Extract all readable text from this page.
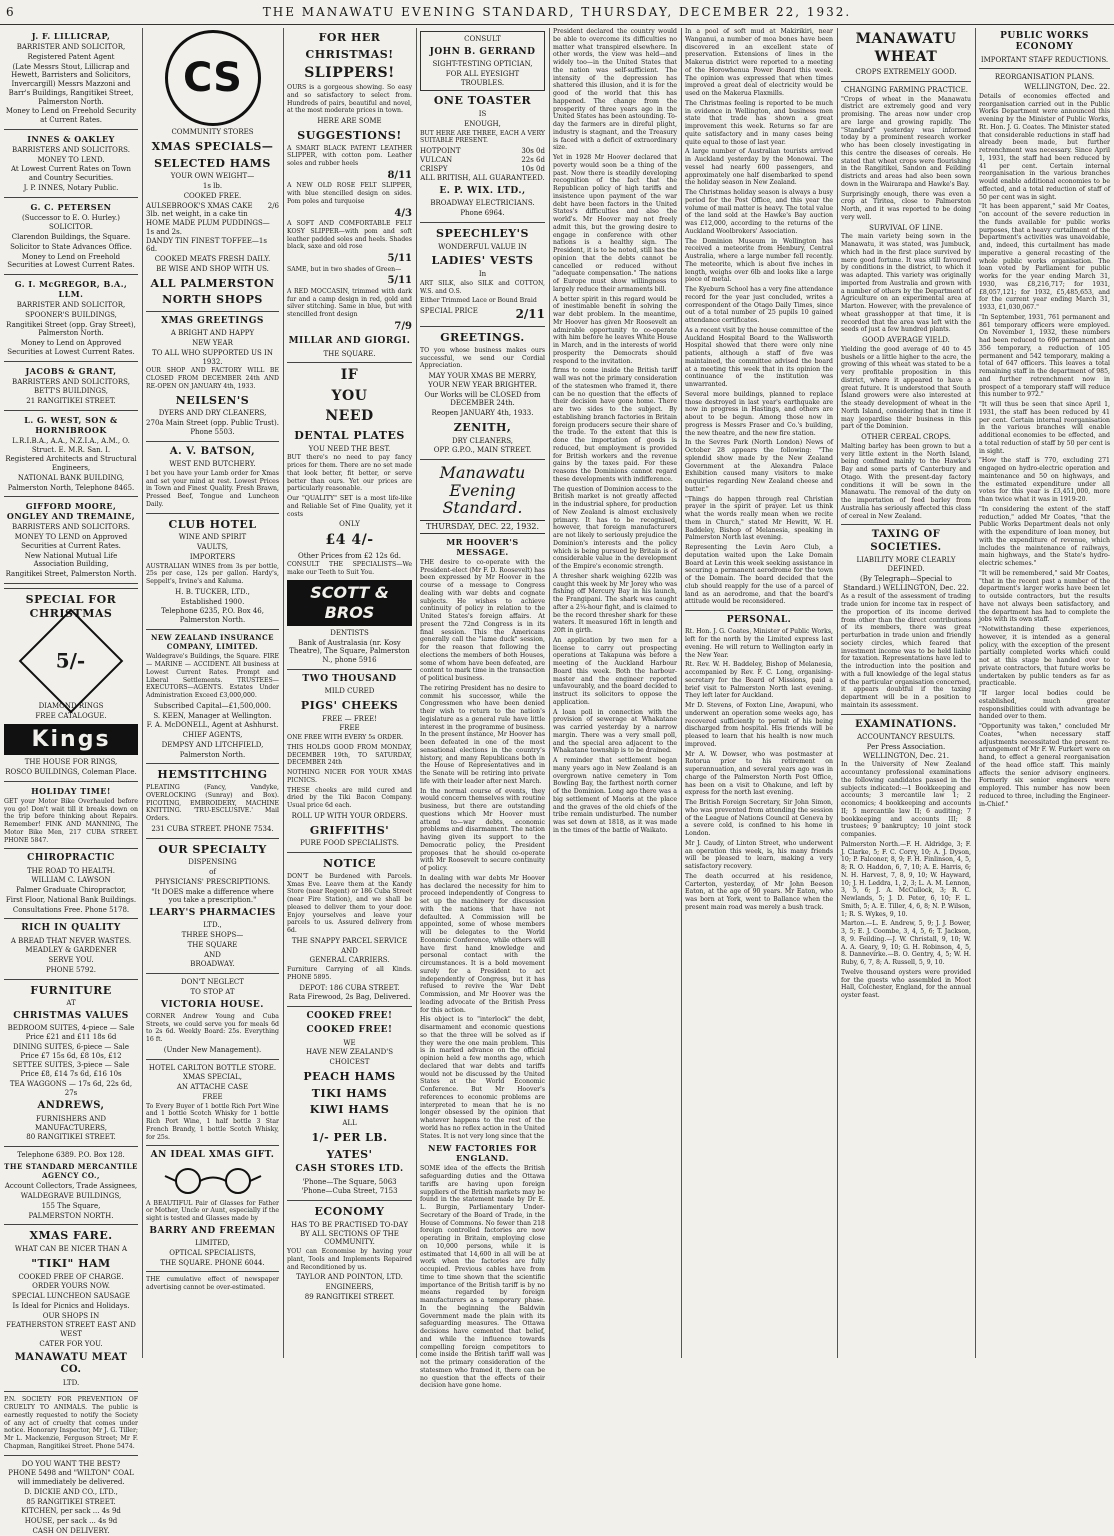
6	THE MANAWATU EVENING STANDARD, THURSDAY, DECEMBER 22, 1932.
J. F. LILLICRAP,
BARRISTER AND SOLICITOR,
Registered Patent Agent
(Late Messrs Stout, Lillicrap and Hewett, Barristers and Solicitors, Invercargill) Messrs Mazzoni and Barr's Buildings, Rangitikei Street, Palmerston North.
Money to Lend on Freehold Security at Current Rates.
INNES & OAKLEY
BARRISTERS AND SOLICITORS.
MONEY TO LEND.
At Lowest Current Rates on Town and Country Securities.
J. P. INNES, Notary Public.
G. C. PETERSEN
(Successor to E. O. Hurley.)
SOLICITOR.
Clarendon Buildings, the Square.
Solicitor to State Advances Office.
Money to Lend on Freehold Securities at Lowest Current Rates.
G. I. McGREGOR, B.A., LLM.
BARRISTER AND SOLICITOR,
SPOONER'S BUILDINGS,
Rangitikei Street (opp. Gray Street), Palmerston North.
Money to Lend on Approved Securities at Lowest Current Rates.
JACOBS & GRANT,
BARRISTERS AND SOLICITORS,
BETT'S BUILDINGS,
21 RANGITIKEI STREET.
L. G. WEST, SON & HORNIBROOK
L.R.I.B.A., A.A., N.Z.I.A., A.M., O. Struct. E. M.R. San. I.
Registered Architects and Structural Engineers,
NATIONAL BANK BUILDING,
Palmerston North, Telephone 8465.
GIFFORD MOORE, ONGLEY AND TREMAINE,
BARRISTERS AND SOLICITORS.
MONEY TO LEND on Approved Securities at Current Rates.
New National Mutual Life Association Building,
Rangitikei Street, Palmerston North.
SPECIAL FOR CHRISTMAS
5/-
DIAMOND RINGS
FREE CATALOGUE.
Kings
THE HOUSE FOR RINGS,
ROSCO BUILDINGS, Coleman Place.
HOLIDAY TIME!

GET your Motor Bike Overhauled before you go! Don't wait till it breaks down on the trip before thinking about Repairs. Remember! FINK AND MANNING, The Motor Bike Men, 217 CUBA STREET. PHONE 5847.

CHIROPRACTIC
THE ROAD TO HEALTH.
WILLIAM C. LAWSON
Palmer Graduate Chiropractor,
First Floor, National Bank Buildings.
Consultations Free. Phone 5178.
RICH IN QUALITY
A BREAD THAT NEVER WASTES.
MEADLEY & GARDENER
SERVE YOU.
PHONE 5792.
FURNITURE
AT
CHRISTMAS VALUES
BEDROOM SUITES, 4-piece — Sale Price £21 and £11 18s 6d
DINING SUITES, 6-piece — Sale Price £7 15s 6d, £8 10s, £12
SETTEE SUITES, 3-piece — Sale Price £8, £14 7s 6d, £16 10s
TEA WAGGONS — 17s 6d, 22s 6d, 27s
ANDREWS,
FURNISHERS AND MANUFACTURERS,
80 RANGITIKEI STREET.
Telephone 6389. P.O. Box 128.
THE STANDARD MERCANTILE AGENCY CO.,
Account Collectors, Trade Assignees,
WALDEGRAVE BUILDINGS,
155 The Square,
PALMERSTON NORTH.
XMAS FARE.
WHAT CAN BE NICER THAN A
"TIKI" HAM
COOKED FREE OF CHARGE.
ORDER YOURS NOW.
SPECIAL LUNCHEON SAUSAGE
Is Ideal for Picnics and Holidays.
OUR SHOPS IN
FEATHERSTON STREET EAST AND WEST
CATER FOR YOU.
MANAWATU MEAT CO.
LTD.

P.N. SOCIETY FOR PREVENTION OF CRUELTY TO ANIMALS. The public is earnestly requested to notify the Society of any act of cruelty that comes under notice. Honorary Inspector, Mr J. G. Tiller; Mr L. Mackenzie, Ferguson Street; Mr F. Chapman, Rangitikei Street. Phone 5474.

DO YOU WANT THE BEST?
PHONE 5498 and "WILTON" COAL will immediately be delivered.
D. DICKIE AND CO., LTD.,
85 RANGITIKEI STREET.
KITCHEN, per sack ... 4s 9d
HOUSE, per sack ... 4s 9d
CASH ON DELIVERY.
CS
COMMUNITY STORES
XMAS SPECIALS—
SELECTED HAMS
YOUR OWN WEIGHT—
1s lb.
COOKED FREE.
AULSEBROOK'S XMAS CAKE 2/6
3lb. net weight, in a cake tin
HOME MADE PLUM PUDDINGS—
1s and 2s.
DANDY TIN FINEST TOFFEE—1s 6d.
COOKED MEATS FRESH DAILY.
BE WISE AND SHOP WITH US.
ALL PALMERSTON
NORTH SHOPS
XMAS GREETINGS
A BRIGHT AND HAPPY
NEW YEAR
TO ALL WHO SUPPORTED US IN 1932.

OUR SHOP AND FACTORY WILL BE CLOSED FROM DECEMBER 24th AND RE-OPEN ON JANUARY 4th, 1933.

NEILSEN'S
DYERS AND DRY CLEANERS,
270a Main Street (opp. Public Trust). Phone 5503.
A. V. BATSON,
WEST END BUTCHERY.

I bet you have your Lamb order for Xmas and set your mind at rest. Lowest Prices in Town and Finest Quality. Fresh Brawn, Pressed Beef, Tongue and Luncheon Daily.

CLUB HOTEL
WINE AND SPIRIT
VAULTS,
IMPORTERS

AUSTRALIAN WINES from 3s per bottle, 25s per case, 12s per gallon. Hardy's, Seppelt's, Irvine's and Kaluma.

H. B. TUCKER, LTD.,
Established 1900.
Telephone 6235, P.O. Box 46, Palmerston North.
NEW ZEALAND INSURANCE COMPANY, LIMITED.

Waldegrave's Buildings, the Square. FIRE — MARINE — ACCIDENT. All business at Lowest Current Rates. Prompt and Liberal Settlements. TRUSTEES—EXECUTORS—AGENTS. Estates Under Administration Exceed £3,000,000.

Subscribed Capital—£1,500,000.
S. KEEN, Manager at Wellington.
F. A. McDONELL, Agent at Ashhurst.
CHIEF AGENTS,
DEMPSY AND LITCHFIELD,
Palmerston North.
HEMSTITCHING

PLEATING (Fancy, Vandyke, OVERLOCKING (Sunray) and Box). PICOTING, EMBROIDERY, MACHINE KNITTING. 'TRU-ESCLUSIVE.' Mail Orders.

231 CUBA STREET. PHONE 7534.
OUR SPECIALTY
DISPENSING
of
PHYSICIANS' PRESCRIPTIONS.
"It DOES make a difference where you take a prescription."
LEARY'S PHARMACIES
LTD.,
THREE SHOPS—
THE SQUARE
AND
BROADWAY.
DON'T NEGLECT
TO STOP AT
VICTORIA HOUSE.

CORNER Andrew Young and Cuba Streets, we could serve you for meals 6d to 2s 6d. Weekly Board: 25s. Everything 16 ft.

(Under New Management).
HOTEL CARLTON BOTTLE STORE.
XMAS SPECIAL,
AN ATTACHE CASE
FREE

To Every Buyer of 1 bottle Rich Port Wine and 1 bottle Scotch Whisky for 1 bottle Rich Port Wine, 1 half bottle 3 Star French Brandy, 1 bottle Scotch Whisky, for 25s.

AN IDEAL XMAS GIFT.

A BEAUTIFUL Pair of Glasses for Father or Mother, Uncle or Aunt, especially if the sight is tested and Glasses made by

BARRY AND FREEMAN
LIMITED,
OPTICAL SPECIALISTS,
THE SQUARE. PHONE 6044.

THE cumulative effect of newspaper advertising cannot be over-estimated.

FOR HER
CHRISTMAS!
SLIPPERS!

OURS is a gorgeous showing. So easy and so satisfactory to select from. Hundreds of pairs, beautiful and novel, at the most moderate prices in town.

HERE ARE SOME
SUGGESTIONS!

A SMART BLACK PATENT LEATHER SLIPPER, with cotton pom. Leather soles and rubber heels

8/11

A NEW OLD ROSE FELT SLIPPER, with blue stencilled design on sides. Pom poles and turquoise

4/3

A SOFT AND COMFORTABLE FELT KOSY SLIPPER—with pom and soft leather padded soles and heels. Shades black, saxe and old rose

5/11

SAME, but in two shades of Green—

5/11

A RED MOCCASIN, trimmed with dark fur and a camp design in red, gold and silver stitching. Same in blue, but with stencilled front design

7/9
MILLAR AND GIORGI.
THE SQUARE.
IF
YOU
NEED
DENTAL PLATES
YOU NEED THE BEST.

BUT there's no need to pay fancy prices for them. There are no set made that look better, fit better, or serve better than ours. Yet our prices are particularly reasonable.

Our "QUALITY" SET is a most life-like and Reliable Set of Fine Quality, yet it costs

ONLY
£4 4/-
Other Prices from £2 12s 6d.

CONSULT THE SPECIALISTS—We make our Teeth to Suit You.

SCOTT & BROS
DENTISTS
Bank of Australasia (nr. Kosy Theatre), The Square, Palmerston N., phone 5916
TWO THOUSAND
MILD CURED
PIGS' CHEEKS
FREE — FREE!
FREE

ONE FREE WITH EVERY 5s ORDER.

THIS HOLDS GOOD FROM MONDAY, DECEMBER 19th, TO SATURDAY, DECEMBER 24th

NOTHING NICER FOR YOUR XMAS PICNICS.

THESE cheeks are mild cured and dried by the Tiki Bacon Company. Usual price 6d each.

ROLL UP WITH YOUR ORDERS.
GRIFFITHS'
PURE FOOD SPECIALISTS.
NOTICE

DON'T be Burdened with Parcels. Xmas Eve. Leave them at the Kandy Store (near Regent) or 186 Cuba Street (near Fire Station), and we shall be pleased to deliver them to your door. Enjoy yourselves and leave your parcels to us. Assured delivery from 6d.

THE SNAPPY PARCEL SERVICE
AND
GENERAL CARRIERS.

Furniture Carrying of all Kinds. PHONE 5895.

DEPOT: 186 CUBA STREET.
Rata Firewood, 2s Bag, Delivered.
COOKED FREE!
COOKED FREE!
WE
HAVE NEW ZEALAND'S
CHOICEST
PEACH HAMS
TIKI HAMS
KIWI HAMS
ALL
1/- PER LB.
YATES'
CASH STORES LTD.
'Phone—The Square, 5063
'Phone—Cuba Street, 7153
ECONOMY
HAS TO BE PRACTISED TO-DAY BY ALL SECTIONS OF THE COMMUNITY.

YOU can Economise by having your plant, Tools and Implements Repaired and Reconditioned by us.

TAYLOR AND POINTON, LTD.
ENGINEERS,
89 RANGITIKEI STREET.
CONSULT
JOHN B. GERRAND
SIGHT-TESTING OPTICIAN,
FOR ALL EYESIGHT TROUBLES.
ONE TOASTER
IS
ENOUGH,

BUT HERE ARE THREE, EACH A VERY SUITABLE PRESENT.

HOTPOINT	30s 0d
VULCAN	22s 6d
CRISPY	10s 0d
ALL BRITISH, ALL GUARANTEED.
E. P. WIX. LTD.,
BROADWAY ELECTRICIANS.
Phone 6964.
SPEECHLEY'S
WONDERFUL VALUE IN
LADIES' VESTS
In

ART SILK, also SILK and COTTON, W.S. and O.S.

Either Trimmed Lace or Bound Braid

SPECIAL PRICE	2/11
GREETINGS.

TO you whose business makes ours successful, we send our Cordial Appreciation.

MAY YOUR XMAS BE MERRY, YOUR NEW YEAR BRIGHTER.
Our Works will be CLOSED from DECEMBER 24th.
Reopen JANUARY 4th, 1933.
ZENITH,
DRY CLEANERS,
OPP. G.P.O., MAIN STREET.
Manawatu Evening Standard.
THURSDAY, DEC. 22, 1932.
MR HOOVER'S MESSAGE.

THE desire to co-operate with the President-elect (Mr F. D. Roosevelt) has been expressed by Mr Hoover in the course of a message to Congress dealing with war debts and cognate subjects. He wishes to achieve continuity of policy in relation to the United States's foreign affairs. At present the 72nd Congress is in its final session. This the Americans generally call the "lame duck" session, for the reason that following the elections the members of both Houses, some of whom have been defeated, are content to mark time in the transaction of political business.

The retiring President has no desire to commit his successor, while the Congressmen who have been denied their wish to return to the nation's legislature as a general rule have little interest in the programme of business. In the present instance, Mr Hoover has been defeated in one of the most sensational elections in the country's history, and many Republicans both in the House of Representatives and in the Senate will be retiring into private life with their leader after next March.

In the normal course of events, they would concern themselves with routine business, but there are outstanding questions which Mr Hoover must attend to—war debts, economic problems and disarmament. The nation having given its support to the Democratic policy, the President proposes that he should co-operate with Mr Roosevelt to secure continuity of policy.

In dealing with war debts Mr Hoover has declared the necessity for him to proceed independently of Congress to set up the machinery for discussion with the nations that have not defaulted. A Commission will be appointed, some of whose members will be delegates to the World Economic Conference, while others will have first hand knowledge and personal contact with the circumstances. It is a bold movement surely for a President to act independently of Congress, but it has refused to revive the War Debt Commission, and Mr Hoover was the leading advocate of the British Press for this action.

His object is to "interlock" the debt, disarmament and economic questions so that the three will be solved as if they were the one main problem. This is in marked advance on the official opinion held a few months ago, which declared that war debts and tariffs would not be discussed by the United States at the World Economic Conference. But Mr Hoover's references to economic problems are interpreted to mean that he is no longer obsessed by the opinion that whatever happens to the rest of the world has no reflex action in the United States. It is not very long since that the

NEW FACTORIES FOR ENGLAND.

SOME idea of the effects the British safeguarding duties and the Ottawa tariffs are having upon foreign suppliers of the British markets may be found in the statement made by Dr E. L. Burgin, Parliamentary Under-Secretary of the Board of Trade, in the House of Commons. No fewer than 218 foreign controlled factories are now operating in Britain, employing close on 10,000 persons, while it is estimated that 14,600 in all will be at work when the factories are fully occupied. Previous cables have from time to time shown that the scientific importance of the British tariff is by no means regarded by foreign manufacturers as a temporary phase. In the beginning the Baldwin Government made the plain with its safeguarding measures. The Ottawa decisions have cemented that belief, and while the influence towards compelling foreign competitors to come inside the British tariff wall was not the primary consideration of the statesmen who framed it, there can be no question that the effects of their decision have gone home.

President declared the country would be able to overcome its difficulties no matter what transpired elsewhere. In other words, the view was held—and widely too—in the United States that the nation was self-sufficient. The intensity of the depression has shattered this illusion, and it is for the good of the world that this has happened. The change from the prosperity of three years ago in the United States has been astounding. To-day the farmers are in direful plight, industry is stagnant, and the Treasury is faced with a deficit of extraordinary size.

Yet in 1928 Mr Hoover declared that poverty would soon be a thing of the past. Now there is steadily developing recognition of the fact that the Republican policy of high tariffs and insistence upon payment of the war debt have been factors in the United States's difficulties and also the world's. Mr Hoover may not freely admit this, but the growing desire to engage in conference with other nations is a healthy sign. The President, it is to be noted, still has the opinion that the debts cannot be cancelled or reduced without "adequate compensation." The nations of Europe must show willingness to largely reduce their armaments bill.

A better spirit in this regard would be of inestimable benefit in solving the war debt problem. In the meantime, Mr Hoover has given Mr Roosevelt an admirable opportunity to co-operate with him before he leaves White House in March, and in the interests of world prosperity the Democrats should respond to the invitation.

firms to come inside the British tariff wall was not the primary consideration of the statesmen who framed it, there can be no question that the effects of their decision have gone home. There are two sides to the subject. By establishing branch factories in Britain foreign producers secure their share of the trade. To the extent that this is done the importation of goods is reduced, but employment is provided for British workers and the revenue gains by the taxes paid. For these reasons the Dominions cannot regard these developments with indifference.

The question of Dominion access to the British market is not greatly affected in the industrial sphere, for production of New Zealand is almost exclusively primary. It has to be recognised, however, that foreign manufacturers are not likely to seriously prejudice the Dominion's interests and the policy which is being pursued by Britain is of considerable value in the development of the Empire's economic strength.

A thresher shark weighing 622lb was caught this week by Mr Jorey who was fishing off Mercury Bay in his launch, the Frangipani. The shark was caught after a 2¼-hour fight, and is claimed to be the record thresher shark for these waters. It measured 16ft in length and 20ft in girth.

An application by two men for a license to carry out prospecting operations at Takapuna was before a meeting of the Auckland Harbour Board this week. Both the harbour-master and the engineer reported unfavourably, and the board decided to instruct its solicitors to oppose the application.

A loan poll in connection with the provision of sewerage at Whakatane was carried yesterday by a narrow margin. There was a very small poll, and the special area adjacent to the Whakatane township is to be drained.

A reminder that settlement began many years ago in New Zealand is an overgrown native cemetery in Tom Bowling Bay, the farthest north corner of the Dominion. Long ago there was a big settlement of Maoris at the place and the graves of the old chiefs of the tribe remain undisturbed. The number was set down at 1818, as it was made in the times of the battle of Waikato.

In a pool of soft mud at Makirikiri, near Wanganui, a number of moa bones have been discovered in an excellent state of preservation. Extensions of lines in the Makerua district were reported to a meeting of the Horowhenua Power Board this week. The opinion was expressed that when times improved a great deal of electricity would be used on the Makerua Flaxmills.

The Christmas feeling is reported to be much in evidence in Wellington, and business men state that trade has shown a great improvement this week. Returns so far are quite satisfactory and in many cases being quite equal to those of last year.

A large number of Australian tourists arrived in Auckland yesterday by the Monowai. The vessel had nearly 600 passengers, and approximately one half disembarked to spend the holiday season in New Zealand.

The Christmas holiday season is always a busy period for the Post Office, and this year the volume of mail matter is heavy. The total value of the land sold at the Hawke's Bay auction was £12,000, according to the returns of the Auckland Woolbrokers' Association.

The Dominion Museum in Wellington has received a meteorite from Henbury, Central Australia, where a large number fell recently. The meteorite, which is about five inches in length, weighs over 6lb and looks like a large piece of metal.

The Kyeburn School has a very fine attendance record for the year just concluded, writes a correspondent of the Otago Daily Times, since out of a total number of 25 pupils 10 gained attendance certificates.

As a recent visit by the house committee of the Auckland Hospital Board to the Wallsworth Hospital showed that there were only nine patients, although a staff of five was maintained, the committee advised the board at a meeting this week that in its opinion the continuance of the institution was unwarranted.

Several more buildings, planned to replace those destroyed in last year's earthquake are now in progress in Hastings, and others are about to be begun. Among those now in progress is Messrs Fraser and Co.'s building, the new theatre, and the new fire station.

In the Sevres Park (North London) News of October 28 appears the following: "The splendid show made by the New Zealand Government at the Alexandra Palace Exhibition caused many visitors to make enquiries regarding New Zealand cheese and butter."

"Things do happen through real Christian prayer in the spirit of prayer. Let us think what the words really mean when we recite them in Church," stated Mr Hewitt, W. H. Baddeley, Bishop of Melanesia, speaking in Palmerston North last evening.

Representing the Levin Aero Club, a deputation waited upon the Lake Domain Board at Levin this week seeking assistance in securing a permanent aerodrome for the town of the Domain. The board decided that the club should reapply for the use of a parcel of land as an aerodrome, and that the board's attitude would be reconsidered.

PERSONAL.

Rt. Hon. J. G. Coates, Minister of Public Works, left for the north by the Limited express last evening. He will return to Wellington early in the New Year.

Rt. Rev. W. H. Baddeley, Bishop of Melanesia, accompanied by Rev. F. C. Long, organising-secretary for the Board of Missions, paid a brief visit to Palmerston North last evening. They left later for Auckland.

Mr D. Stevens, of Foxton Line, Awapuni, who underwent an operation some weeks ago, has recovered sufficiently to permit of his being discharged from hospital. His friends will be pleased to learn that his health is now much improved.

Mr A. W. Dowser, who was postmaster at Rotorua prior to his retirement on superannuation, and several years ago was in charge of the Palmerston North Post Office, has been on a visit to Ohakune, and left by express for the north last evening.

The British Foreign Secretary, Sir John Simon, who was prevented from attending the session of the League of Nations Council at Geneva by a severe cold, is confined to his home in London.

Mr J. Caudy, of Linton Street, who underwent an operation this week, is, his many friends will be pleased to learn, making a very satisfactory recovery.

The death occurred at his residence, Carterton, yesterday, of Mr John Beeson Eaton, at the age of 90 years. Mr Eaton, who was born at York, went to Ballance when the present main road was merely a bush track.

MANAWATU WHEAT
CROPS EXTREMELY GOOD.
CHANGING FARMING PRACTICE.

"Crops of wheat in the Manawatu district are extremely good and very promising. The areas now under crop are large and growing rapidly. The "Standard" yesterday was informed today by a prominent research worker who has been closely investigating in this centre the diseases of cereals. He stated that wheat crops were flourishing in the Rangitikei, Sandon and Feilding districts and areas had also been sown down in the Wairarapa and Hawke's Bay.

Surprisingly enough, there was even a crop at Tiritea, close to Palmerston North, and it was reported to be doing very well.

SURVIVAL OF LINE.

The main variety being sown in the Manawatu, it was stated, was Jumbuck, which had in the first place survived by mere good fortune. It was still favoured by conditions in the district, to which it was adapted. This variety was originally imported from Australia and grown with a number of others by the Department of Agriculture on an experimental area at Marton. However, with the prevalence of wheat grasshopper at that time, it is recorded that the area was left with the seeds of just a few hundred plants.

GOOD AVERAGE YIELD.

Yielding the good average of 40 to 45 bushels or a little higher to the acre, the growing of this wheat was stated to be a very profitable proposition in this district, where it appeared to have a great future. It is understood that South Island growers were also interested at the steady development of wheat in the North Island, considering that in time it may jeopardise their business in this part of the Dominion.

OTHER CEREAL CROPS.

Malting barley has been grown to but a very little extent in the North Island, being confined mainly to the Hawke's Bay and some parts of Canterbury and Otago. With the present-day factory conditions it will be sown in the Manawatu. The removal of the duty on the importation of feed barley from Australia has seriously affected this class of cereal in New Zealand.

TAXING OF SOCIETIES.
LIABILITY MORE CLEARLY DEFINED.
(By Telegraph—Special to Standard.) WELLINGTON, Dec. 22.

As a result of the assessment of trading trade union for income tax in respect of the proportion of its income derived from other than the direct contributions of its members, there was great perturbation in trade union and friendly society circles, which feared that investment income was to be held liable for taxation. Representations have led to the introduction into the position and with a full knowledge of the legal status of the particular organisation concerned, it appears doubtful if the taxing department will be in a position to maintain its assessment.

EXAMINATIONS.
ACCOUNTANCY RESULTS.
Per Press Association. WELLINGTON, Dec. 21.

In the University of New Zealand accountancy professional examinations the following candidates passed in the subjects indicated:—1 Bookkeeping and accounts; 3 mercantile law 1; 2 economics; 4 bookkeeping and accounts II; 5 mercantile law II; 6 auditing; 7 bookkeeping and accounts III; 8 trustees; 9 bankruptcy; 10 joint stock companies.

Palmerston North.—F. H. Aldridge, 3; F. J. Clarke, 5; F. C. Corry, 10; A. J. Dyson, 10; P. Falconer, 8, 9; F. H. Finlinson, 4, 5, 8; R. O. Haddon, 6, 7, 10; A. E. Harris, 6; N. H. Harvest, 7, 8, 9, 10; W. Hayward, 10; J. H. Leddra, 1, 2, 3; L. A. M. Lennon, 3, 5, 6; J. A. McCullock, 3; R. C. Newlands, 5; J. D. Peter, 6, 10; F. L. Smith, 5; A. E. Tiller, 4, 6, 8; N. P. Wilson, 1; R. S. Wykes, 9, 10.

Marton.—L. E. Andrew, 5, 9; J. J. Bower, 3, 5; E. J. Coombe, 3, 4, 5, 6; T. Jackson, 8, 9. Feilding.—J. W. Christall, 9, 10; W. A. A. Geary, 9, 10; G. H. Robinson, 4, 5, 8. Dannevirke.—B. O. Gentry, 4, 5; W. H. Ruby, 6, 7, 8; A. Russell, 5, 9, 10.

Twelve thousand oysters were provided for the guests who assembled in Moot Hall, Colchester, England, for the annual oyster feast.

PUBLIC WORKS ECONOMY
IMPORTANT STAFF REDUCTIONS.
REORGANISATION PLANS.
WELLINGTON, Dec. 22.

Details of economies effected and reorganisation carried out in the Public Works Department were announced this evening by the Minister of Public Works, Rt. Hon. J. G. Coates. The Minister stated that considerable reductions in staff had already been made, but further retrenchment was necessary. Since April 1, 1931, the staff had been reduced by 41 per cent. Certain internal reorganisation in the various branches would enable additional economies to be effected, and a total reduction of staff of 50 per cent was in sight.

"It has been apparent," said Mr Coates, "on account of the severe reduction in the funds available for public works purposes, that a heavy curtailment of the Department's activities was unavoidable, and, indeed, this curtailment has made imperative a general recasting of the whole public works organisation. The loan voted by Parliament for public works for the year ending March 31, 1930, was £8,216,717; for 1931, £8,057,121; for 1932, £5,485,653, and for the current year ending March 31, 1933, £1,030,067."

"In September, 1931, 761 permanent and 861 temporary officers were employed. On November 1, 1932, these numbers had been reduced to 696 permanent and 356 temporary, a reduction of 105 permanent and 542 temporary, making a total of 647 officers. This leaves a total remaining staff in the department of 985, and further retrenchment now in prospect of a temporary staff will reduce this number to 972."

"It will thus be seen that since April 1, 1931, the staff has been reduced by 41 per cent. Certain internal reorganisation in the various branches will enable additional economies to be effected, and a total reduction of staff by 50 per cent is in sight.

"How the staff is 770, excluding 271 engaged on hydro-electric operation and maintenance and 50 on highways, and the estimated expenditure under all votes for this year is £3,451,000, more than twice what it was in 1919-20.

"In considering the extent of the staff reduction," added Mr Coates, "that the Public Works Department deals not only with the expenditure of loan money, but with the expenditure of revenue, which includes the maintenance of railways, main highways, and the State's hydro-electric schemes."

"It will be remembered," said Mr Coates, "that in the recent past a number of the department's larger works have been let to outside contractors, but the results have not always been satisfactory, and the department has had to complete the jobs with its own staff.

"Notwithstanding these experiences, however, it is intended as a general policy, with the exception of the present partially completed works which could not at this stage be handed over to private contractors, that future works be undertaken by public tenders as far as practicable.

"If larger local bodies could be established, much greater responsibilities could with advantage be handed over to them.

"Opportunity was taken," concluded Mr Coates, "when necessary staff adjustments necessitated the present re-arrangement of Mr F. W. Furkert were on hand, to effect a general reorganisation of the head office staff. This mainly affects the senior advisory engineers. Formerly six senior engineers were employed. This number has now been reduced to three, including the Engineer-in-Chief."
